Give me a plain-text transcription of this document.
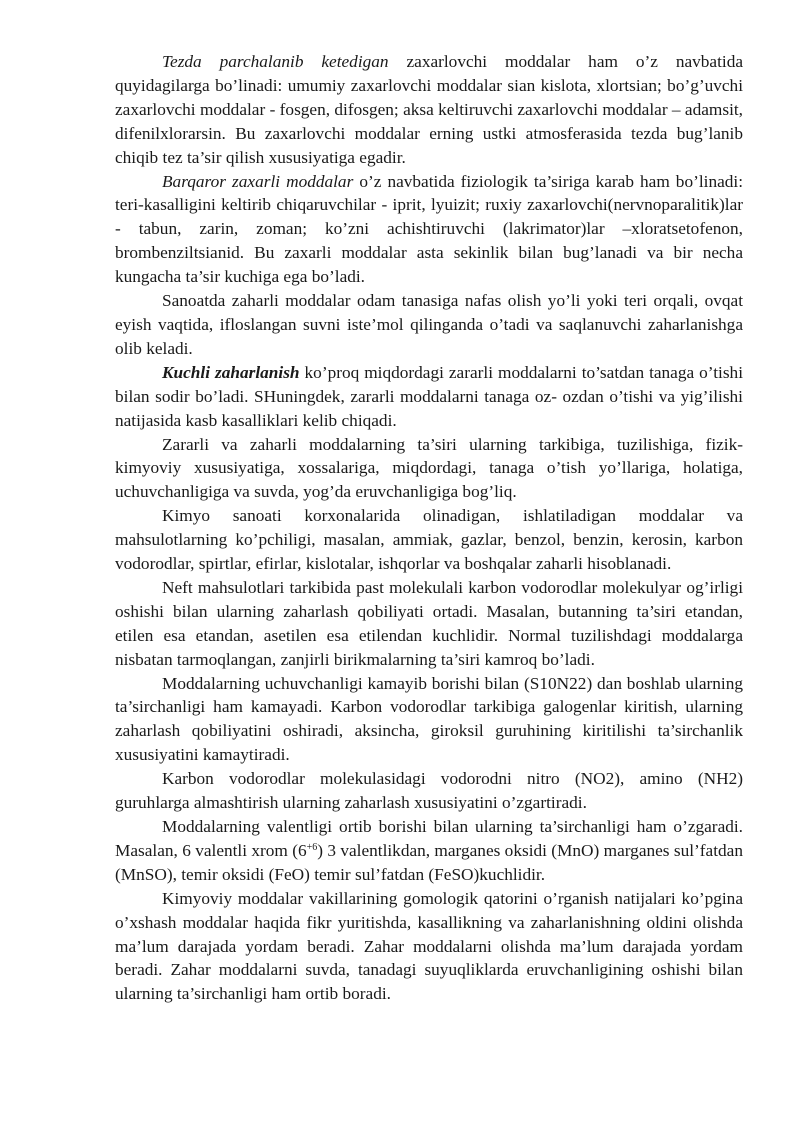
Tezda parchalanib ketedigan zaxarlovchi moddalar ham o’z navbatida quyidagilarga bo’linadi: umumiy zaxarlovchi moddalar sian kislota, xlortsian; bo’g’uvchi zaxarlovchi moddalar - fosgen, difosgen; aksa keltiruvchi zaxarlovchi moddalar – adamsit, difenilxlorarsin. Bu zaxarlovchi moddalar erning ustki atmosferasida tezda bug’lanib chiqib tez ta’sir qilish xususiyatiga egadir.

Barqaror zaxarli moddalar o’z navbatida fiziologik ta’siriga karab ham bo’linadi: teri-kasalligini keltirib chiqaruvchilar - iprit, lyuizit; ruxiy zaxarlovchi(nervnoparalitik)lar - tabun, zarin, zoman; ko’zni achishtiruvchi (lakrimator)lar –xloratsetofenon, brombenziltsianid. Bu zaxarli moddalar asta sekinlik bilan bug’lanadi va bir necha kungacha ta’sir kuchiga ega bo’ladi.

Sanoatda zaharli moddalar odam tanasiga nafas olish yo’li yoki teri orqali, ovqat eyish vaqtida, ifloslangan suvni iste’mol qilinganda o’tadi va saqlanuvchi zaharlanishga olib keladi.

Kuchli zaharlanish ko’proq miqdordagi zararli moddalarni to’satdan tanaga o’tishi bilan sodir bo’ladi. SHuningdek, zararli moddalarni tanaga oz- ozdan o’tishi va yig’ilishi natijasida kasb kasalliklari kelib chiqadi.

Zararli va zaharli moddalarning ta’siri ularning tarkibiga, tuzilishiga, fizik-kimyoviy xususiyatiga, xossalariga, miqdordagi, tanaga o’tish yo’llariga, holatiga, uchuvchanligiga va suvda, yog’da eruvchanligiga bog’liq.

Kimyo sanoati korxonalarida olinadigan, ishlatiladigan moddalar va mahsulotlarning ko’pchiligi, masalan, ammiak, gazlar, benzol, benzin, kerosin, karbon vodorodlar, spirtlar, efirlar, kislotalar, ishqorlar va boshqalar zaharli hisoblanadi.

Neft mahsulotlari tarkibida past molekulali karbon vodorodlar molekulyar og’irligi oshishi bilan ularning zaharlash qobiliyati ortadi. Masalan, butanning ta’siri etandan, etilen esa etandan, asetilen esa etilendan kuchlidir. Normal tuzilishdagi moddalarga nisbatan tarmoqlangan, zanjirli birikmalarning ta’siri kamroq bo’ladi.

Moddalarning uchuvchanligi kamayib borishi bilan (S10N22) dan boshlab ularning ta’sirchanligi ham kamayadi. Karbon vodorodlar tarkibiga galogenlar kiritish, ularning zaharlash qobiliyatini oshiradi, aksincha, giroksil guruhining kiritilishi ta’sirchanlik xususiyatini kamaytiradi.

Karbon vodorodlar molekulasidagi vodorodni nitro (NO2), amino (NH2) guruhlarga almashtirish ularning zaharlash xususiyatini o’zgartiradi.

Moddalarning valentligi ortib borishi bilan ularning ta’sirchanligi ham o’zgaradi. Masalan, 6 valentli xrom $(6^{+6})$ 3 valentlikdan, marganes oksidi (MnO) marganes sul’fatdan (MnSO), temir oksidi (FeO) temir sul’fatdan (FeSO)kuchlidir.

Kimyoviy moddalar vakillarining gomologik qatorini o’rganish natijalari ko’pgina o’xshash moddalar haqida fikr yuritishda, kasallikning va zaharlanishning oldini olishda ma’lum darajada yordam beradi. Zahar moddalarni olishda ma’lum darajada yordam beradi. Zahar moddalarni suvda, tanadagi suyuqliklarda eruvchanligining oshishi bilan ularning ta’sirchanligi ham ortib boradi.
